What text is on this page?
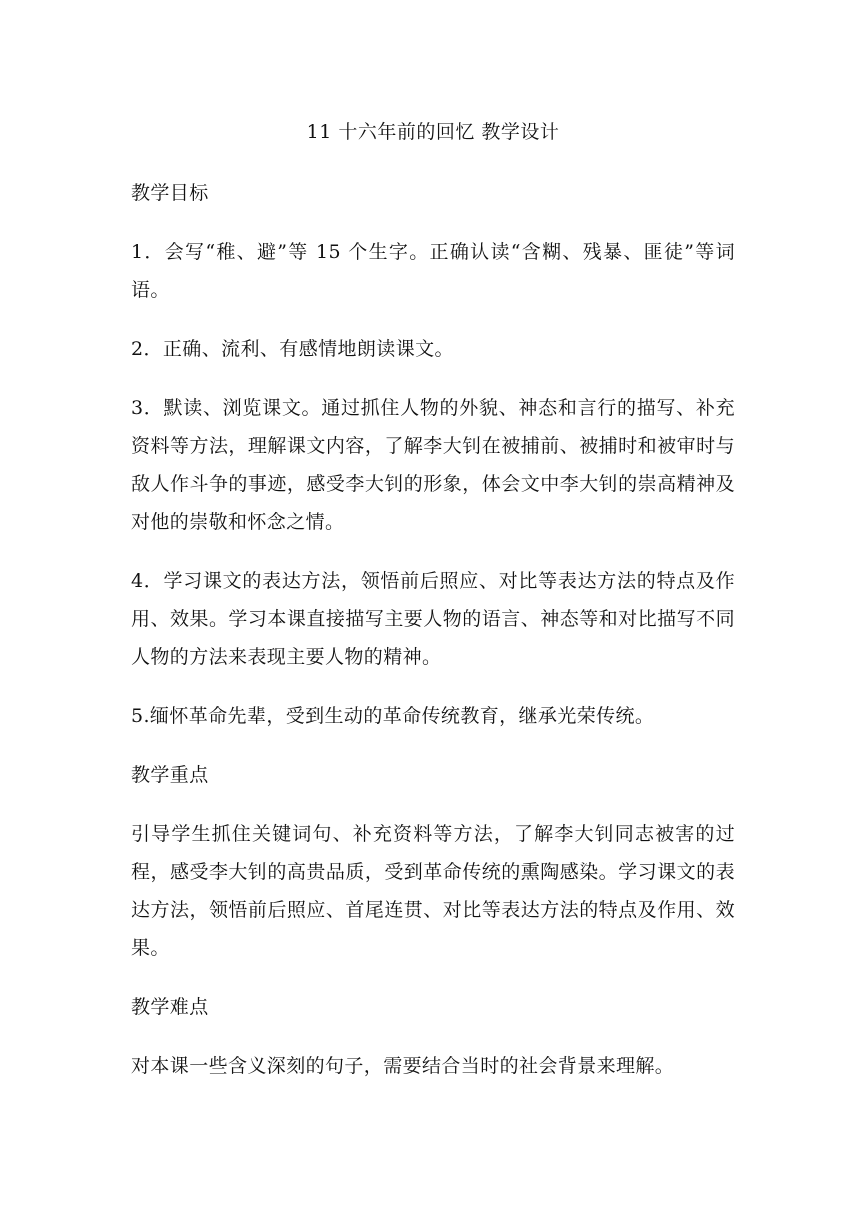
11 十六年前的回忆 教学设计
教学目标

1．会写“稚、避”等 15 个生字。正确认读“含糊、残暴、匪徒”等词语。

2．正确、流利、有感情地朗读课文。

3．默读、浏览课文。通过抓住人物的外貌、神态和言行的描写、补充资料等方法，理解课文内容，了解李大钊在被捕前、被捕时和被审时与敌人作斗争的事迹，感受李大钊的形象，体会文中李大钊的崇高精神及对他的崇敬和怀念之情。

4．学习课文的表达方法，领悟前后照应、对比等表达方法的特点及作用、效果。学习本课直接描写主要人物的语言、神态等和对比描写不同人物的方法来表现主要人物的精神。

5.缅怀革命先辈，受到生动的革命传统教育，继承光荣传统。

教学重点

引导学生抓住关键词句、补充资料等方法，了解李大钊同志被害的过程，感受李大钊的高贵品质，受到革命传统的熏陶感染。学习课文的表达方法，领悟前后照应、首尾连贯、对比等表达方法的特点及作用、效果。

教学难点

对本课一些含义深刻的句子，需要结合当时的社会背景来理解。
